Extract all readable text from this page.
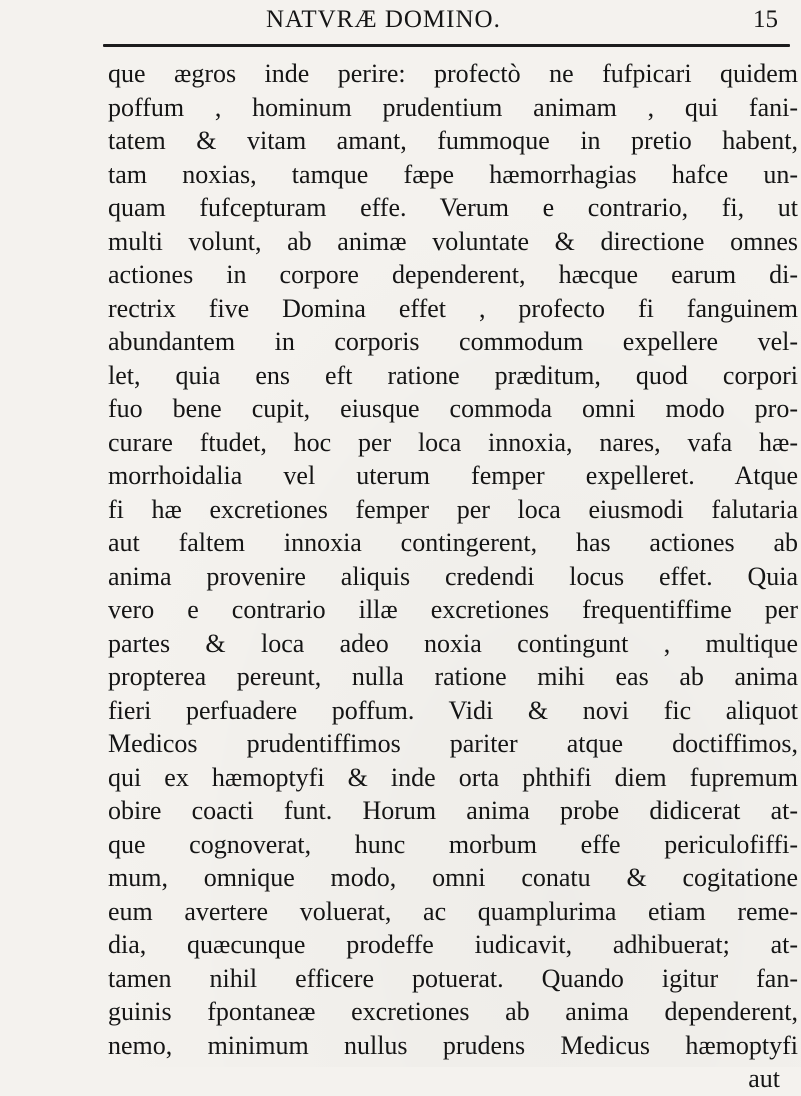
NATVRÆ DOMINO.	15
que ægros inde perire: profectò ne fufpicari quidem
poffum , hominum prudentium animam , qui fani-
tatem & vitam amant, fummoque in pretio habent,
tam noxias, tamque fæpe hæmorrhagias hafce un-
quam fufcepturam effe. Verum e contrario, fi, ut
multi volunt, ab animæ voluntate & directione omnes
actiones in corpore dependerent, hæcque earum di-
rectrix five Domina effet , profecto fi fanguinem
abundantem in corporis commodum expellere vel-
let, quia ens eft ratione præditum, quod corpori
fuo bene cupit, eiusque commoda omni modo pro-
curare ftudet, hoc per loca innoxia, nares, vafa hæ-
morrhoidalia vel uterum femper expelleret. Atque
fi hæ excretiones femper per loca eiusmodi falutaria
aut faltem innoxia contingerent, has actiones ab
anima provenire aliquis credendi locus effet. Quia
vero e contrario illæ excretiones frequentiffime per
partes & loca adeo noxia contingunt , multique
propterea pereunt, nulla ratione mihi eas ab anima
fieri perfuadere poffum. Vidi & novi fic aliquot
Medicos prudentiffimos pariter atque doctiffimos,
qui ex hæmoptyfi & inde orta phthifi diem fupremum
obire coacti funt. Horum anima probe didicerat at-
que cognoverat, hunc morbum effe periculofiffi-
mum, omnique modo, omni conatu & cogitatione
eum avertere voluerat, ac quamplurima etiam reme-
dia, quæcunque prodeffe iudicavit, adhibuerat; at-
tamen nihil efficere potuerat. Quando igitur fan-
guinis fpontaneæ excretiones ab anima dependerent,
nemo, minimum nullus prudens Medicus hæmoptyfi
aut
